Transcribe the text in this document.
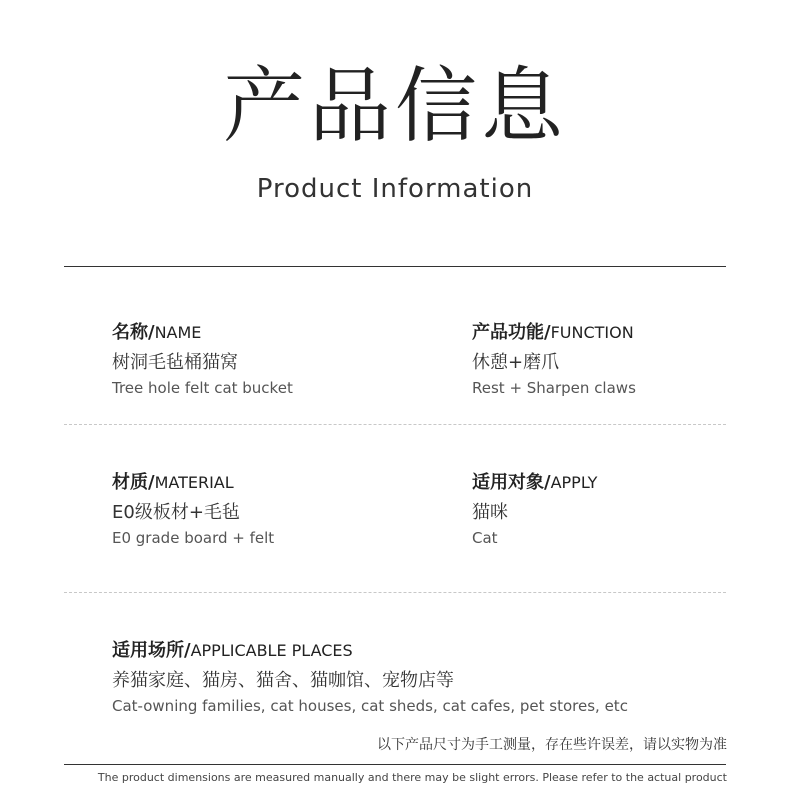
产品信息
Product Information
名称/NAME
树洞毛毡桶猫窝
Tree hole felt cat bucket
产品功能/FUNCTION
休憩+磨爪
Rest + Sharpen claws
材质/MATERIAL
E0级板材+毛毡
E0 grade board + felt
适用对象/APPLY
猫咪
Cat
适用场所/APPLICABLE PLACES
养猫家庭、猫房、猫舍、猫咖馆、宠物店等
Cat-owning families, cat houses, cat sheds, cat cafes, pet stores, etc
以下产品尺寸为手工测量，存在些许误差，请以实物为准
The product dimensions are measured manually and there may be slight errors. Please refer to the actual product
